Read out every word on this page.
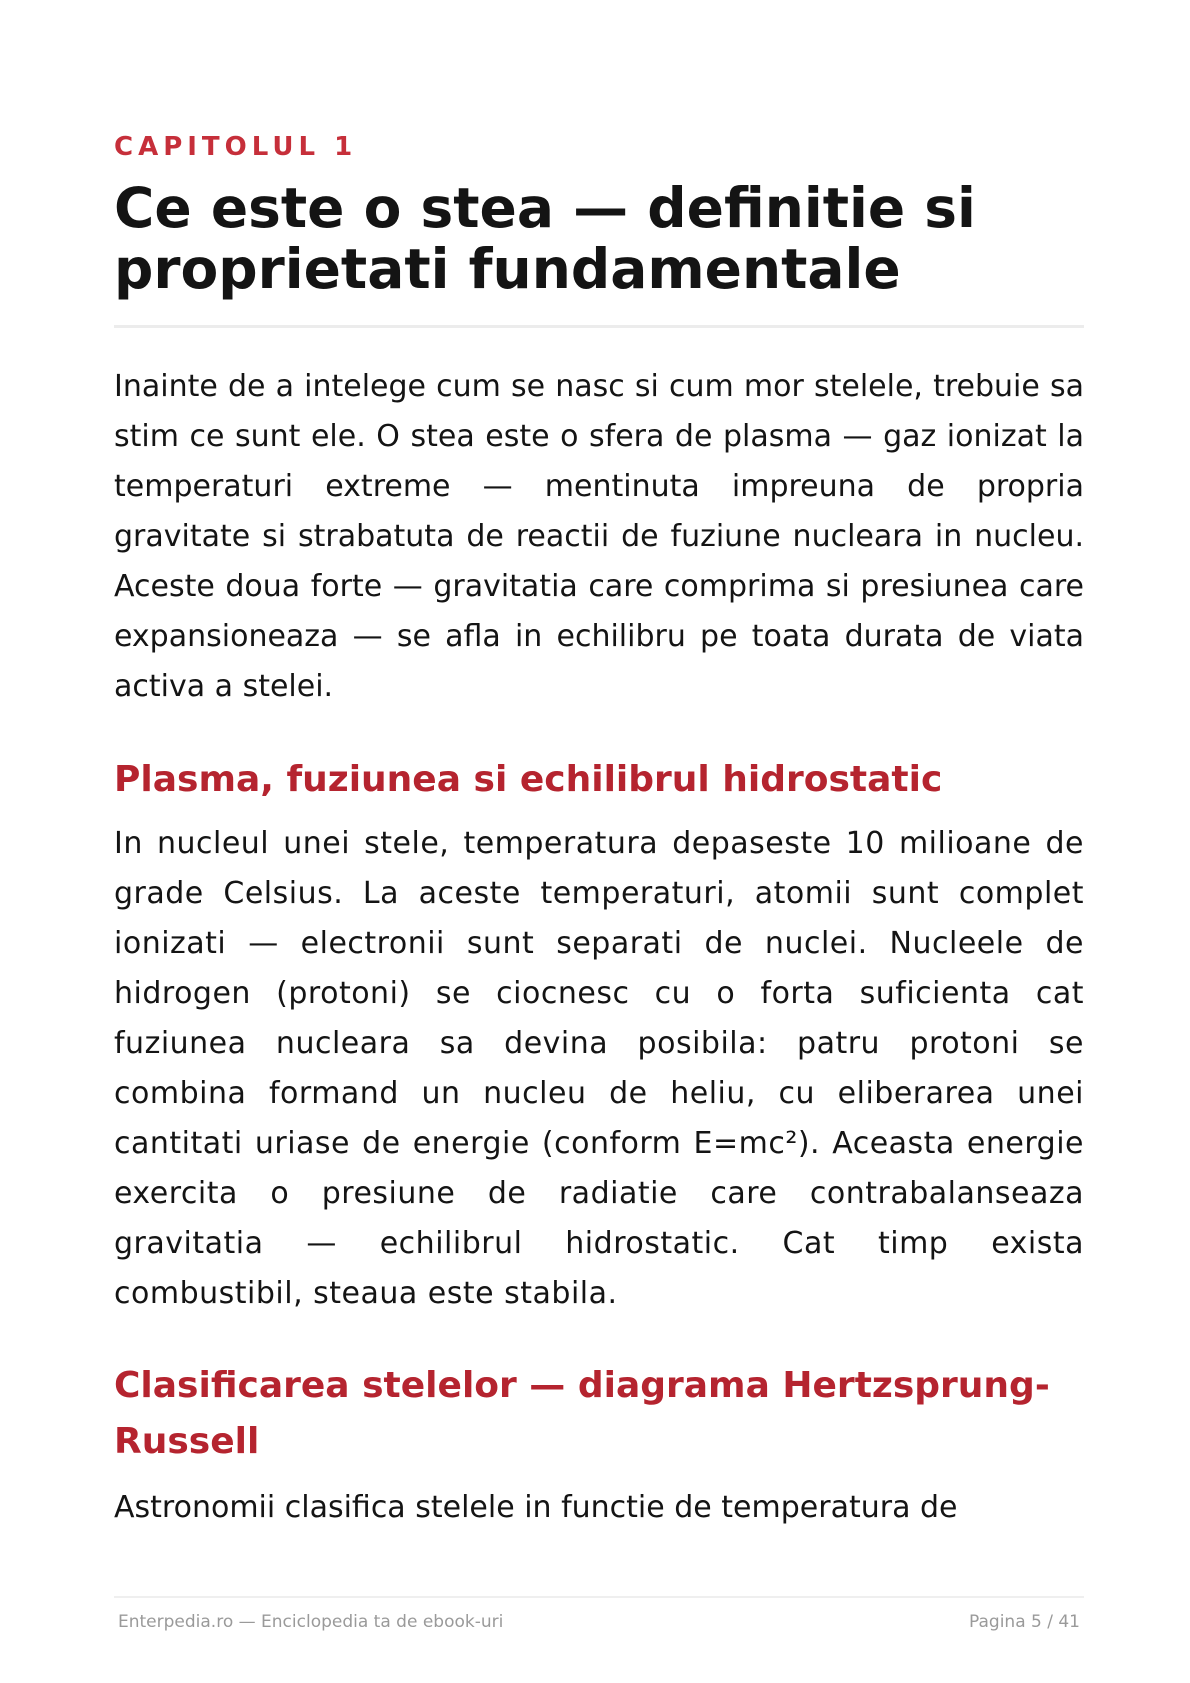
CAPITOLUL 1
Ce este o stea — definitie si proprietati fundamentale

Inainte de a intelege cum se nasc si cum mor stelele, trebuie sa stim ce sunt ele. O stea este o sfera de plasma — gaz ionizat la temperaturi extreme — mentinuta impreuna de propria gravitate si strabatuta de reactii de fuziune nucleara in nucleu. Aceste doua forte — gravitatia care comprima si presiunea care expansioneaza — se afla in echilibru pe toata durata de viata activa a stelei.

Plasma, fuziunea si echilibrul hidrostatic

In nucleul unei stele, temperatura depaseste 10 milioane de grade Celsius. La aceste temperaturi, atomii sunt complet ionizati — electronii sunt separati de nuclei. Nucleele de hidrogen (protoni) se ciocnesc cu o forta suficienta cat fuziunea nucleara sa devina posibila: patru protoni se combina formand un nucleu de heliu, cu eliberarea unei cantitati uriase de energie (conform E=mc²). Aceasta energie exercita o presiune de radiatie care contrabalanseaza gravitatia — echilibrul hidrostatic. Cat timp exista combustibil, steaua este stabila.

Clasificarea stelelor — diagrama Hertzsprung-Russell

Astronomii clasifica stelele in functie de temperatura de

Enterpedia.ro — Enciclopedia ta de ebook-uri	Pagina 5 / 41
